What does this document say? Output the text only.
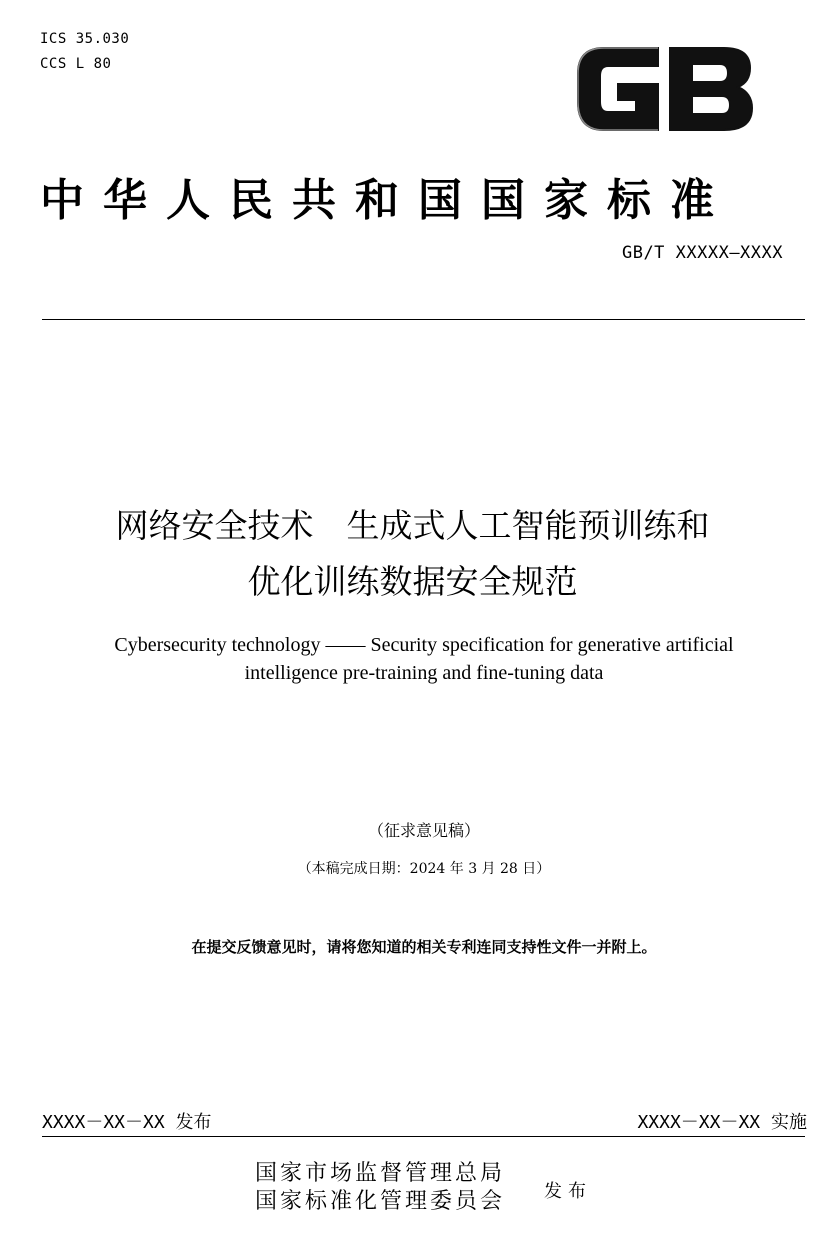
ICS 35.030
CCS L 80
中华人民共和国国家标准
GB/T XXXXX—XXXX
网络安全技术　生成式人工智能预训练和
优化训练数据安全规范
Cybersecurity technology —— Security specification for generative artificial
intelligence pre-training and fine-tuning data
（征求意见稿）
（本稿完成日期：2024 年 3 月 28 日）
在提交反馈意见时，请将您知道的相关专利连同支持性文件一并附上。
XXXX－XX－XX 发布	XXXX－XX－XX 实施
国家市场监督管理总局
国家标准化管理委员会 发布
